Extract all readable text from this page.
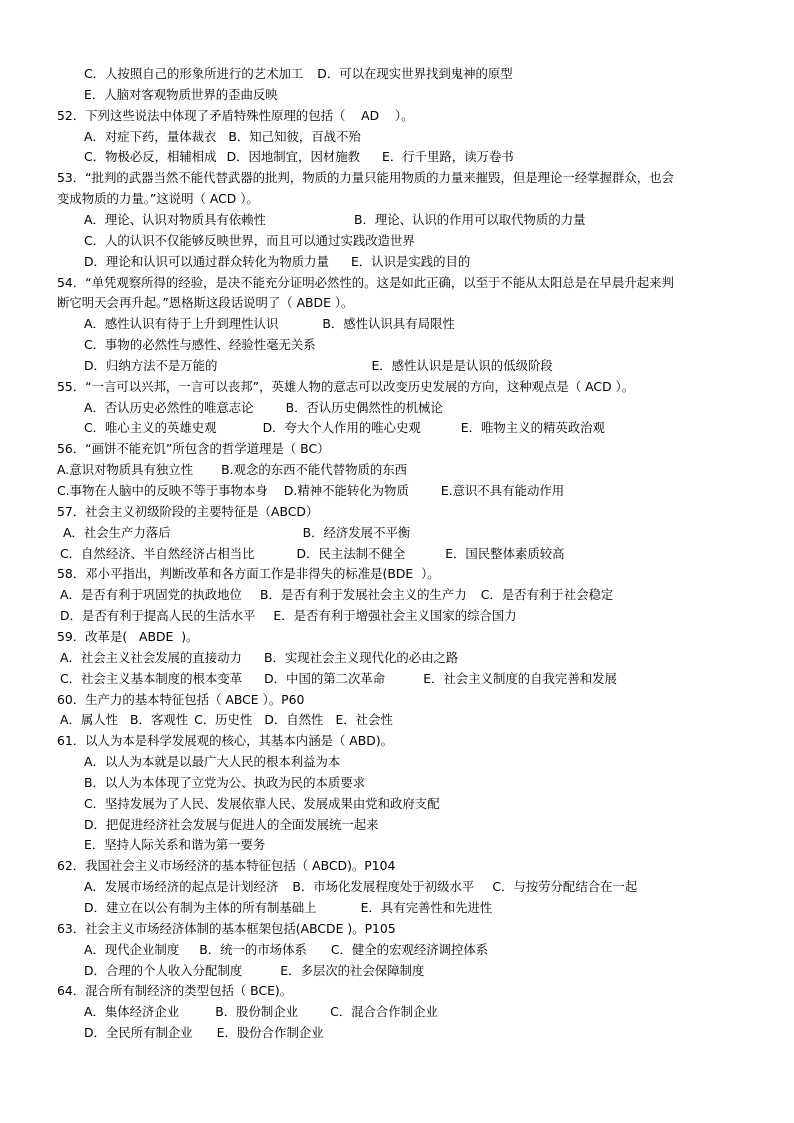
C．人按照自己的形象所进行的艺术加工 D．可以在现实世界找到鬼神的原型
E．人脑对客观物质世界的歪曲反映
52．下列这些说法中体现了矛盾特殊性原理的包括（    AD    ）。
A．对症下药，量体裁衣 B．知己知彼，百战不殆
C．物极必反，相辅相成 D．因地制宜，因材施教 E．行千里路，读万卷书
53．“批判的武器当然不能代替武器的批判，物质的力量只能用物质的力量来摧毁，但是理论一经掌握群众，也会
变成物质的力量。”这说明（ ACD ）。
A．理论、认识对物质具有依赖性	B．理论、认识的作用可以取代物质的力量
C．人的认识不仅能够反映世界，而且可以通过实践改造世界
D．理论和认识可以通过群众转化为物质力量 E．认识是实践的目的
54．“单凭观察所得的经验，是决不能充分证明必然性的。这是如此正确，以至于不能从太阳总是在早晨升起来判
断它明天会再升起。”恩格斯这段话说明了（ ABDE ）。
A．感性认识有待于上升到理性认识	B．感性认识具有局限性
C．事物的必然性与感性、经验性毫无关系
D．归纳方法不是万能的	E．感性认识是是认识的低级阶段
55．“一言可以兴邦，一言可以丧邦”，英雄人物的意志可以改变历史发展的方向，这种观点是（ ACD ）。
A．否认历史必然性的唯意志论	B．否认历史偶然性的机械论
C．唯心主义的英雄史观	D．夸大个人作用的唯心史观	E．唯物主义的精英政治观
56．“画饼不能充饥”所包含的哲学道理是（ BC）
A.意识对物质具有独立性 B.观念的东西不能代替物质的东西
C.事物在人脑中的反映不等于事物本身 D.精神不能转化为物质	E.意识不具有能动作用
57．社会主义初级阶段的主要特征是（ABCD）
A．社会生产力落后	B．经济发展不平衡
C．自然经济、半自然经济占相当比	D．民主法制不健全	E．国民整体素质较高
58．邓小平指出，判断改革和各方面工作是非得失的标准是(BDE  ）。
A．是否有利于巩固党的执政地位 B．是否有利于发展社会主义的生产力 C．是否有利于社会稳定
D．是否有利于提高人民的生活水平 E．是否有利于增强社会主义国家的综合国力
59．改革是(   ABDE  )。
A．社会主义社会发展的直接动力 B．实现社会主义现代化的必由之路
C．社会主义基本制度的根本变革 D．中国的第二次革命	E．社会主义制度的自我完善和发展
60．生产力的基本特征包括（ ABCE ）。P60
A．属人性 B．客观性 C．历史性 D．自然性 E．社会性
61．以人为本是科学发展观的核心，其基本内涵是（ ABD)。
A．以人为本就是以最广大人民的根本利益为本
B．以人为本体现了立党为公、执政为民的本质要求
C．坚持发展为了人民、发展依靠人民、发展成果由党和政府支配
D．把促进经济社会发展与促进人的全面发展统一起来
E．坚持人际关系和谐为第一要务
62．我国社会主义市场经济的基本特征包括（ ABCD)。P104
A．发展市场经济的起点是计划经济 B．市场化发展程度处于初级水平 C．与按劳分配结合在一起
D．建立在以公有制为主体的所有制基础上	E．具有完善性和先进性
63．社会主义市场经济体制的基本框架包括(ABCDE )。P105
A．现代企业制度 B．统一的市场体系 C．健全的宏观经济调控体系
D．合理的个人收入分配制度	E．多层次的社会保障制度
64．混合所有制经济的类型包括（ BCE)。
A．集体经济企业	B．股份制企业	C．混合合作制企业
D．全民所有制企业 E．股份合作制企业
